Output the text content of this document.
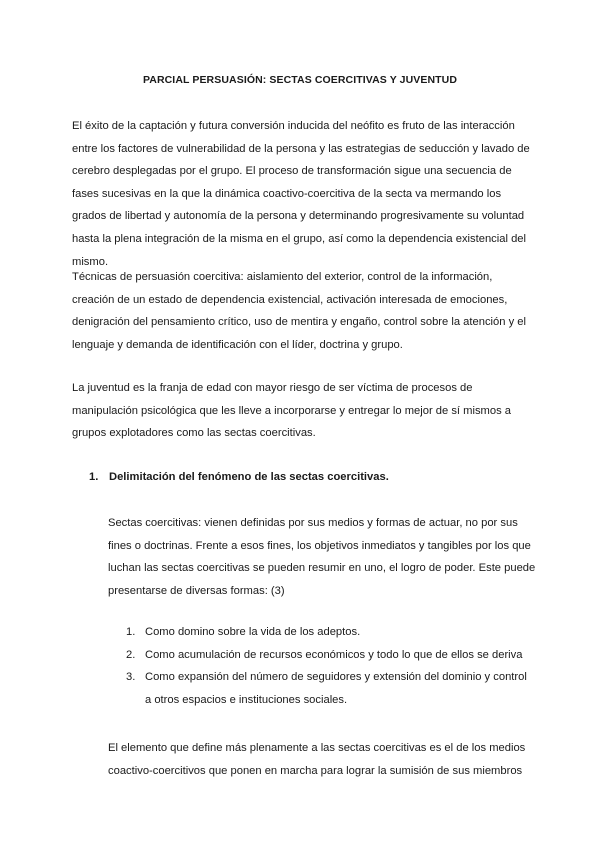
PARCIAL PERSUASIÓN: SECTAS COERCITIVAS Y JUVENTUD

El éxito de la captación y futura conversión inducida del neófito es fruto de las interacción entre los factores de vulnerabilidad de la persona y las estrategias de seducción y lavado de cerebro desplegadas por el grupo. El proceso de transformación sigue una secuencia de fases sucesivas en la que la dinámica coactivo-coercitiva de la secta va mermando los grados de libertad y autonomía de la persona y determinando progresivamente su voluntad hasta la plena integración de la misma en el grupo, así como la dependencia existencial del mismo.

Técnicas de persuasión coercitiva: aislamiento del exterior, control de la información, creación de un estado de dependencia existencial, activación interesada de emociones, denigración del pensamiento crítico, uso de mentira y engaño, control sobre la atención y el lenguaje y demanda de identificación con el líder, doctrina y grupo.

La juventud es la franja de edad con mayor riesgo de ser víctima de procesos de manipulación psicológica que les lleve a incorporarse y entregar lo mejor de sí mismos a grupos explotadores como las sectas coercitivas.

1. Delimitación del fenómeno de las sectas coercitivas.

Sectas coercitivas: vienen definidas por sus medios y formas de actuar, no por sus fines o doctrinas. Frente a esos fines, los objetivos inmediatos y tangibles por los que luchan las sectas coercitivas se pueden resumir en uno, el logro de poder. Este puede presentarse de diversas formas: (3)

1. Como domino sobre la vida de los adeptos.
2. Como acumulación de recursos económicos y todo lo que de ellos se deriva
3. Como expansión del número de seguidores y extensión del dominio y control a otros espacios e instituciones sociales.

El elemento que define más plenamente a las sectas coercitivas es el de los medios coactivo-coercitivos que ponen en marcha para lograr la sumisión de sus miembros
